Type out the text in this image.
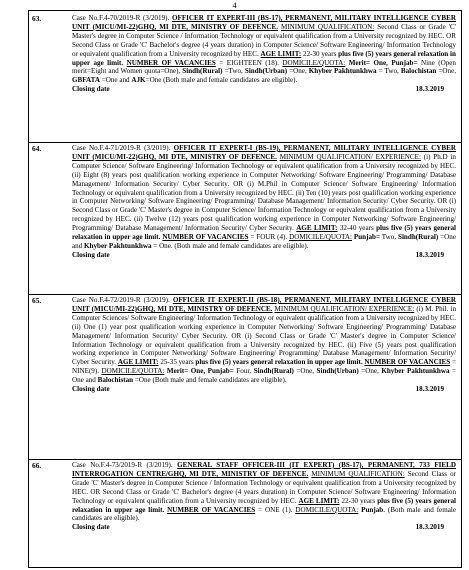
4
63.	Case No.F.4-70/2019-R (3/2019). OFFICER IT EXPERT-III (BS-17), PERMANENT, MILITARY INTELLIGENCE CYBER UNIT (MICU/MI-22)GHQ, MI DTE, MINISTRY OF DEFENCE. MINIMUM QUALIFICATION: Second Class or Grade 'C' Master's degree in Computer Science / Information Technology or equivalent qualification from a University recognized by HEC. OR Second Class or Grade 'C' Bachelor's degree (4 years duration) in Computer Science/ Software Engineering/ Information Technology or equivalent qualification from a University recognized by HEC. AGE LIMIT: 22-30 years plus five (5) years general relaxation in upper age limit. NUMBER OF VACANCIES = EIGHTEEN (18). DOMICILE/QUOTA: Merit= One, Punjab= Nine (Open merit=Eight and Women quota=One), Sindh(Rural) =Two, Sindh(Urban) =One, Khyber Pakhtunkhwa = Two, Balochistan =One, GBFATA =One and AJK=One (Both male and female candidates are eligible).
Closing date	18.3.2019
64.	Case No.F.4-71/2019-R (3/2019). OFFICER IT EXPERT-I (BS-19), PERMANENT, MILITARY INTELLIGENCE CYBER UNIT (MICU/MI-22)GHQ, MI DTE, MINISTRY OF DEFENCE. MINIMUM QUALIFICATION/ EXPERIENCE: (i) Ph.D in Computer Science/ Software Engineering/ Information Technology or equivalent qualification from a University recognized by HEC. (ii) Eight (8) years post qualification working experience in Computer Networking/ Software Engineering/ Programming/ Database Management/ Information Security/ Cyber Security. OR (i) M.Phil in Computer Science/ Software Engineering/ Information Technology or equivalent qualification from a University recognized by HEC. (ii) Ten (10) years post qualification working experience in Computer Networking/ Software Engineering/ Programming/ Database Management/ Information Security/ Cyber Security. OR (i) Second Class or Grade 'C' Master's degree in Computer Science/ Information Technology or equivalent qualification from a University recognized by HEC. (ii) Twelve (12) years post qualification working experience in Computer Networking/ Software Engineering/ Programming/ Database Management/ Information Security/ Cyber Security. AGE LIMIT: 32-40 years plus five (5) years general relaxation in upper age limit. NUMBER OF VACANCIES = FOUR (4). DOMICILE/QUOTA: Punjab= Two, Sindh(Rural) =One and Khyber Pakhtunkhwa = One. (Both male and female candidates are eligible).
Closing date	18.3.2019
65.	Case No.F.4-72/2019-R (3/2019). OFFICER IT EXPERT-II (BS-18), PERMANENT, MILITARY INTELLIGENCE CYBER UNIT (MICU/MI-22)GHQ, MI DTE, MINISTRY OF DEFENCE. MINIMUM QUALIFICATION/ EXPERIENCE: (i) M. Phil. in Computer Sciences/ Software Engineering/ Information Technology or equivalent qualification from a University recognized by HEC. (ii) One (1) year post qualification working experience in Computer Networking/ Software Engineering/ Programming/ Database Management/ Information Security/ Cyber Security. OR (i) Second Class or Grade 'C' Master's degree in Computer Science/ Information Technology or equivalent qualification from a University recognized by HEC. (ii) Five (5) years post qualification working experience in Computer Networking/ Software Engineering/ Programming/ Database Management/ Information Security/ Cyber Security. AGE LIMIT: 25-35 years plus five (5) years general relaxation in upper age limit. NUMBER OF VACANCIES = NINE(9). DOMICILE/QUOTA: Merit= One, Punjab= Four, Sindh(Rural) =One, Sindh(Urban) =One, Khyber Pakhtunkhwa = One and Balochistan =One (Both male and female candidates are eligible).
Closing date	18.3.2019
66.	Case No.F.4-73/2019-R (3/2019). GENERAL STAFF OFFICER-III (IT EXPERT) (BS-17), PERMANENT, 733 FIELD INTERROGATION CENTRE/GHQ, MI DTE, MINISTRY OF DEFENCE. MINIMUM QUALIFICATION: Second Class or Grade 'C' Master's degree in Computer Science / Information Technology or equivalent qualification from a University recognized by HEC. OR Second Class or Grade 'C' Bachelor's degree (4 years duration) in Computer Science/ Software Engineering/ Information Technology or equivalent qualification from a University recognized by HEC. AGE LIMIT: 22-30 years plus five (5) years general relaxation in upper age limit. NUMBER OF VACANCIES = ONE (1). DOMICILE/QUOTA: Punjab. (Both male and female candidates are eligible).
Closing date	18.3.2019
